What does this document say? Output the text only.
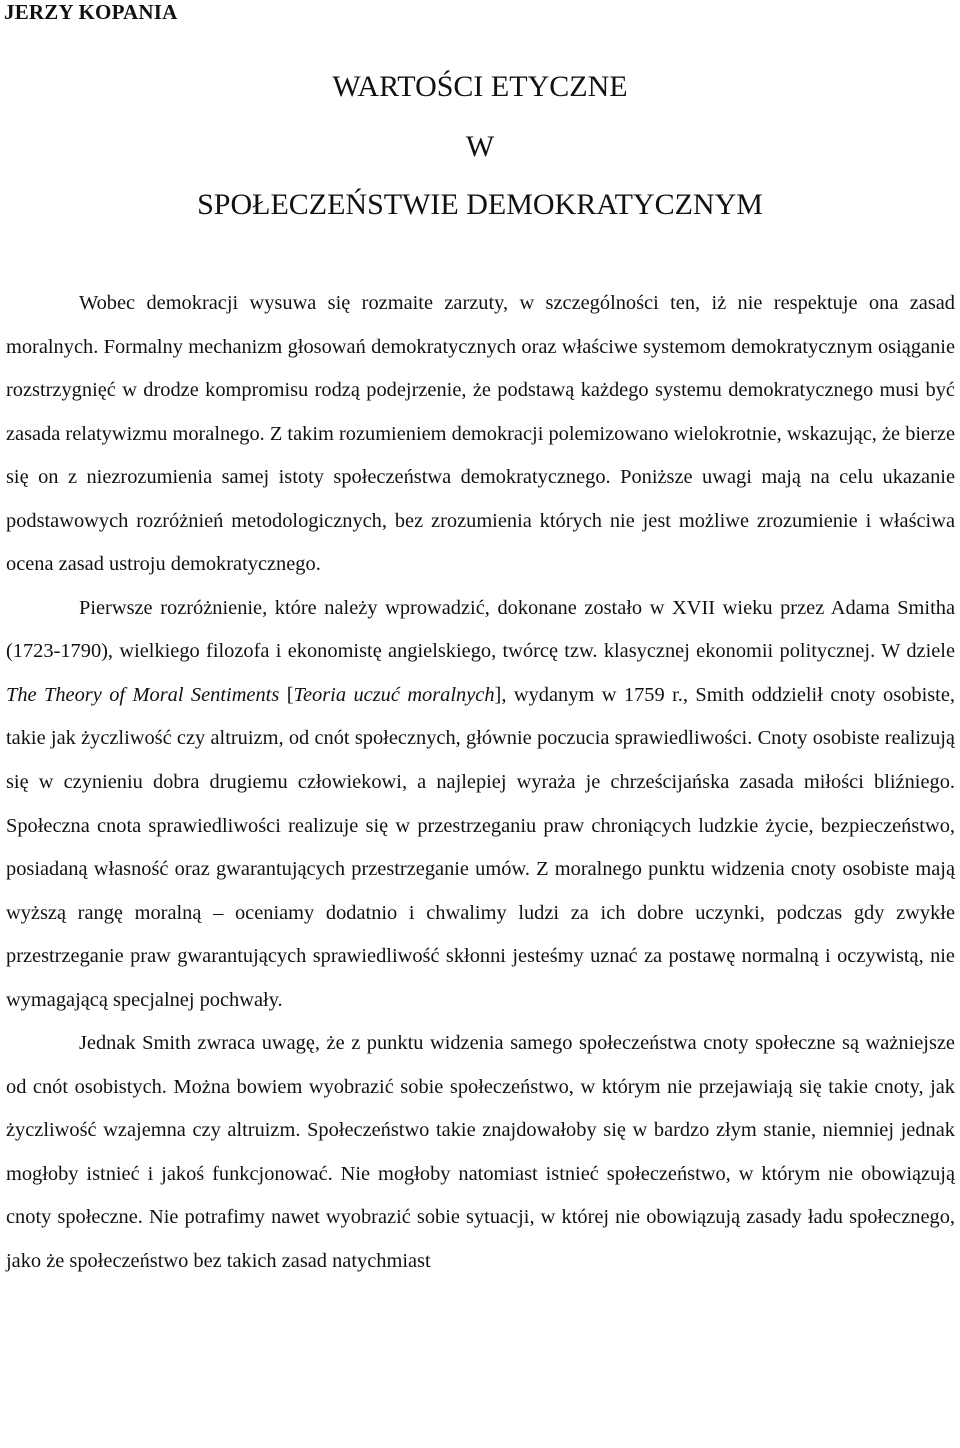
JERZY KOPANIA
WARTOŚCI ETYCZNE
W
SPOŁECZEŃSTWIE DEMOKRATYCZNYM

Wobec demokracji wysuwa się rozmaite zarzuty, w szczególności ten, iż nie respektuje ona zasad moralnych. Formalny mechanizm głosowań demokratycznych oraz właściwe systemom demokratycznym osiąganie rozstrzygnięć w drodze kompromisu rodzą podejrzenie, że podstawą każdego systemu demokratycznego musi być zasada relatywizmu moralnego. Z takim rozumieniem demokracji polemizowano wielokrotnie, wskazując, że bierze się on z niezrozumienia samej istoty społeczeństwa demokratycznego. Poniższe uwagi mają na celu ukazanie podstawowych rozróżnień metodologicznych, bez zrozumienia których nie jest możliwe zrozumienie i właściwa ocena zasad ustroju demokratycznego.

Pierwsze rozróżnienie, które należy wprowadzić, dokonane zostało w XVII wieku przez Adama Smitha (1723-1790), wielkiego filozofa i ekonomistę angielskiego, twórcę tzw. klasycznej ekonomii politycznej. W dziele The Theory of Moral Sentiments [Teoria uczuć moralnych], wydanym w 1759 r., Smith oddzielił cnoty osobiste, takie jak życzliwość czy altruizm, od cnót społecznych, głównie poczucia sprawiedliwości. Cnoty osobiste realizują się w czynieniu dobra drugiemu człowiekowi, a najlepiej wyraża je chrześcijańska zasada miłości bliźniego. Społeczna cnota sprawiedliwości realizuje się w przestrzeganiu praw chroniących ludzkie życie, bezpieczeństwo, posiadaną własność oraz gwarantujących przestrzeganie umów. Z moralnego punktu widzenia cnoty osobiste mają wyższą rangę moralną – oceniamy dodatnio i chwalimy ludzi za ich dobre uczynki, podczas gdy zwykłe przestrzeganie praw gwarantujących sprawiedliwość skłonni jesteśmy uznać za postawę normalną i oczywistą, nie wymagającą specjalnej pochwały.

Jednak Smith zwraca uwagę, że z punktu widzenia samego społeczeństwa cnoty społeczne są ważniejsze od cnót osobistych. Można bowiem wyobrazić sobie społeczeństwo, w którym nie przejawiają się takie cnoty, jak życzliwość wzajemna czy altruizm. Społeczeństwo takie znajdowałoby się w bardzo złym stanie, niemniej jednak mogłoby istnieć i jakoś funkcjonować. Nie mogłoby natomiast istnieć społeczeństwo, w którym nie obowiązują cnoty społeczne. Nie potrafimy nawet wyobrazić sobie sytuacji, w której nie obowiązują zasady ładu społecznego, jako że społeczeństwo bez takich zasad natychmiast
